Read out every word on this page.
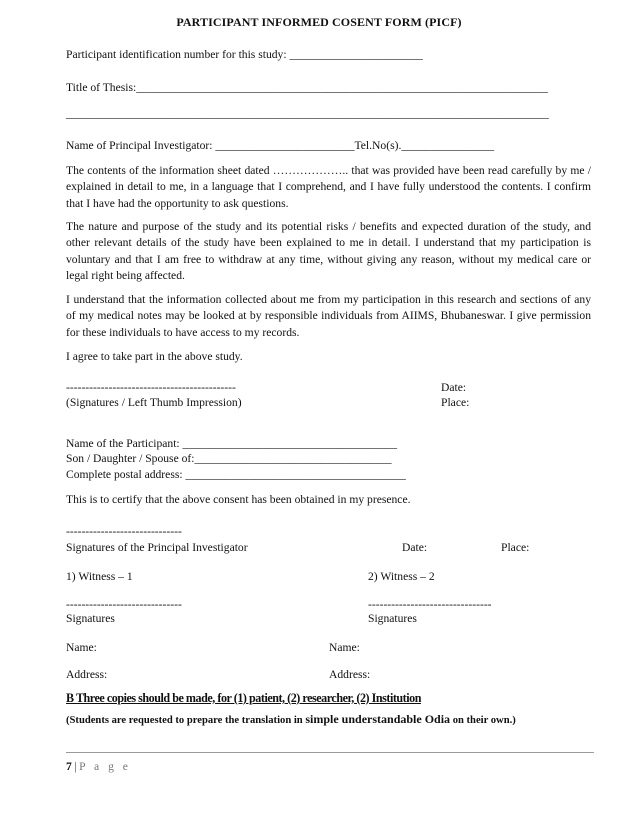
PARTICIPANT INFORMED COSENT FORM (PICF)
Participant identification number for this study: _______________________
Title of Thesis:_______________________________________________________________________
____________________________________________________________________________________
Name of Principal Investigator: ________________________Tel.No(s).________________
The contents of the information sheet dated ……………….. that was provided have been read carefully by me / explained in detail to me, in a language that I comprehend, and I have fully understood the contents. I confirm that I have had the opportunity to ask questions.
The nature and purpose of the study and its potential risks / benefits and expected duration of the study, and other relevant details of the study have been explained to me in detail. I understand that my participation is voluntary and that I am free to withdraw at any time, without giving any reason, without my medical care or legal right being affected.
I understand that the information collected about me from my participation in this research and sections of any of my medical notes may be looked at by responsible individuals from AIIMS, Bhubaneswar. I give permission for these individuals to have access to my records.
I agree to take part in the above study.
--------------------------------------------	Date:
(Signatures / Left Thumb Impression)	Place:
Name of the Participant: _____________________________________
Son / Daughter / Spouse of:__________________________________
Complete postal address: ______________________________________
This is to certify that the above consent has been obtained in my presence.
------------------------------
Signatures of the Principal Investigator	Date:	Place:
1) Witness – 1	2) Witness – 2
------------------------------	--------------------------------
Signatures	Signatures
Name:	Name:
Address:	Address:
B Three copies should be made, for (1) patient, (2) researcher, (2) Institution
(Students are requested to prepare the translation in simple understandable Odia on their own.)
7 | P a g e
